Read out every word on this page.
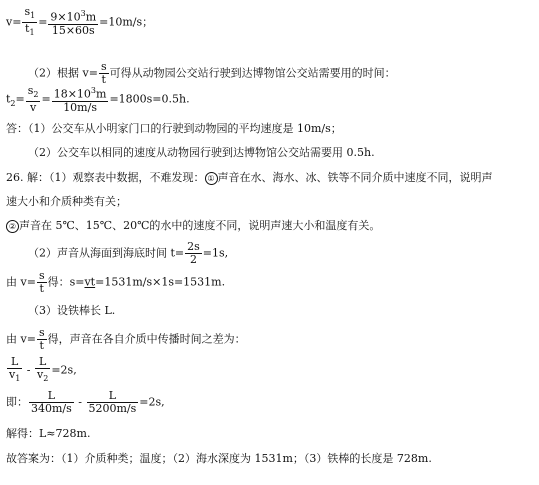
$v= \frac{s_1}{t_1} = \frac{9\times 10^3m}{15\times 60s} =10m/s$；
（2）根据 $v= \frac{s}{t}$ 可得从动物园公交站行驶到达博物馆公交站需要用的时间：
$t_2= \frac{s_2}{v} = \frac{18\times 10^3m}{10m/s} =1800s=0.5h$.
答：（1）公交车从小明家门口的行驶到动物园的平均速度是 10m/s；
（2）公交车以相同的速度从动物园行驶到达博物馆公交站需要用 0.5h.
26. 解：（1）观察表中数据，不难发现： ① 声音在水、海水、冰、铁等不同介质中速度不同，说明声
速大小和介质种类有关；
② 声音在 5℃、15℃、20℃的水中的速度不同，说明声速大小和温度有关。
（2）声音从海面到海底时间 $t= \frac{2s}{2} =1s$,
由 $v= \frac{s}{t}$ 得：s=vt=1531m/s×1s=1531m.
（3）设铁棒长 L.
由 $v= \frac{s}{t}$ 得，声音在各自介质中传播时间之差为：
$\frac{L}{v_1} - \frac{L}{v_2} =2s$,
即： $\frac{L}{340m/s} - \frac{L}{5200m/s} =2s$,
解得：L≈728m.
故答案为：（1）介质种类；温度；（2）海水深度为 1531m；（3）铁棒的长度是 728m.
